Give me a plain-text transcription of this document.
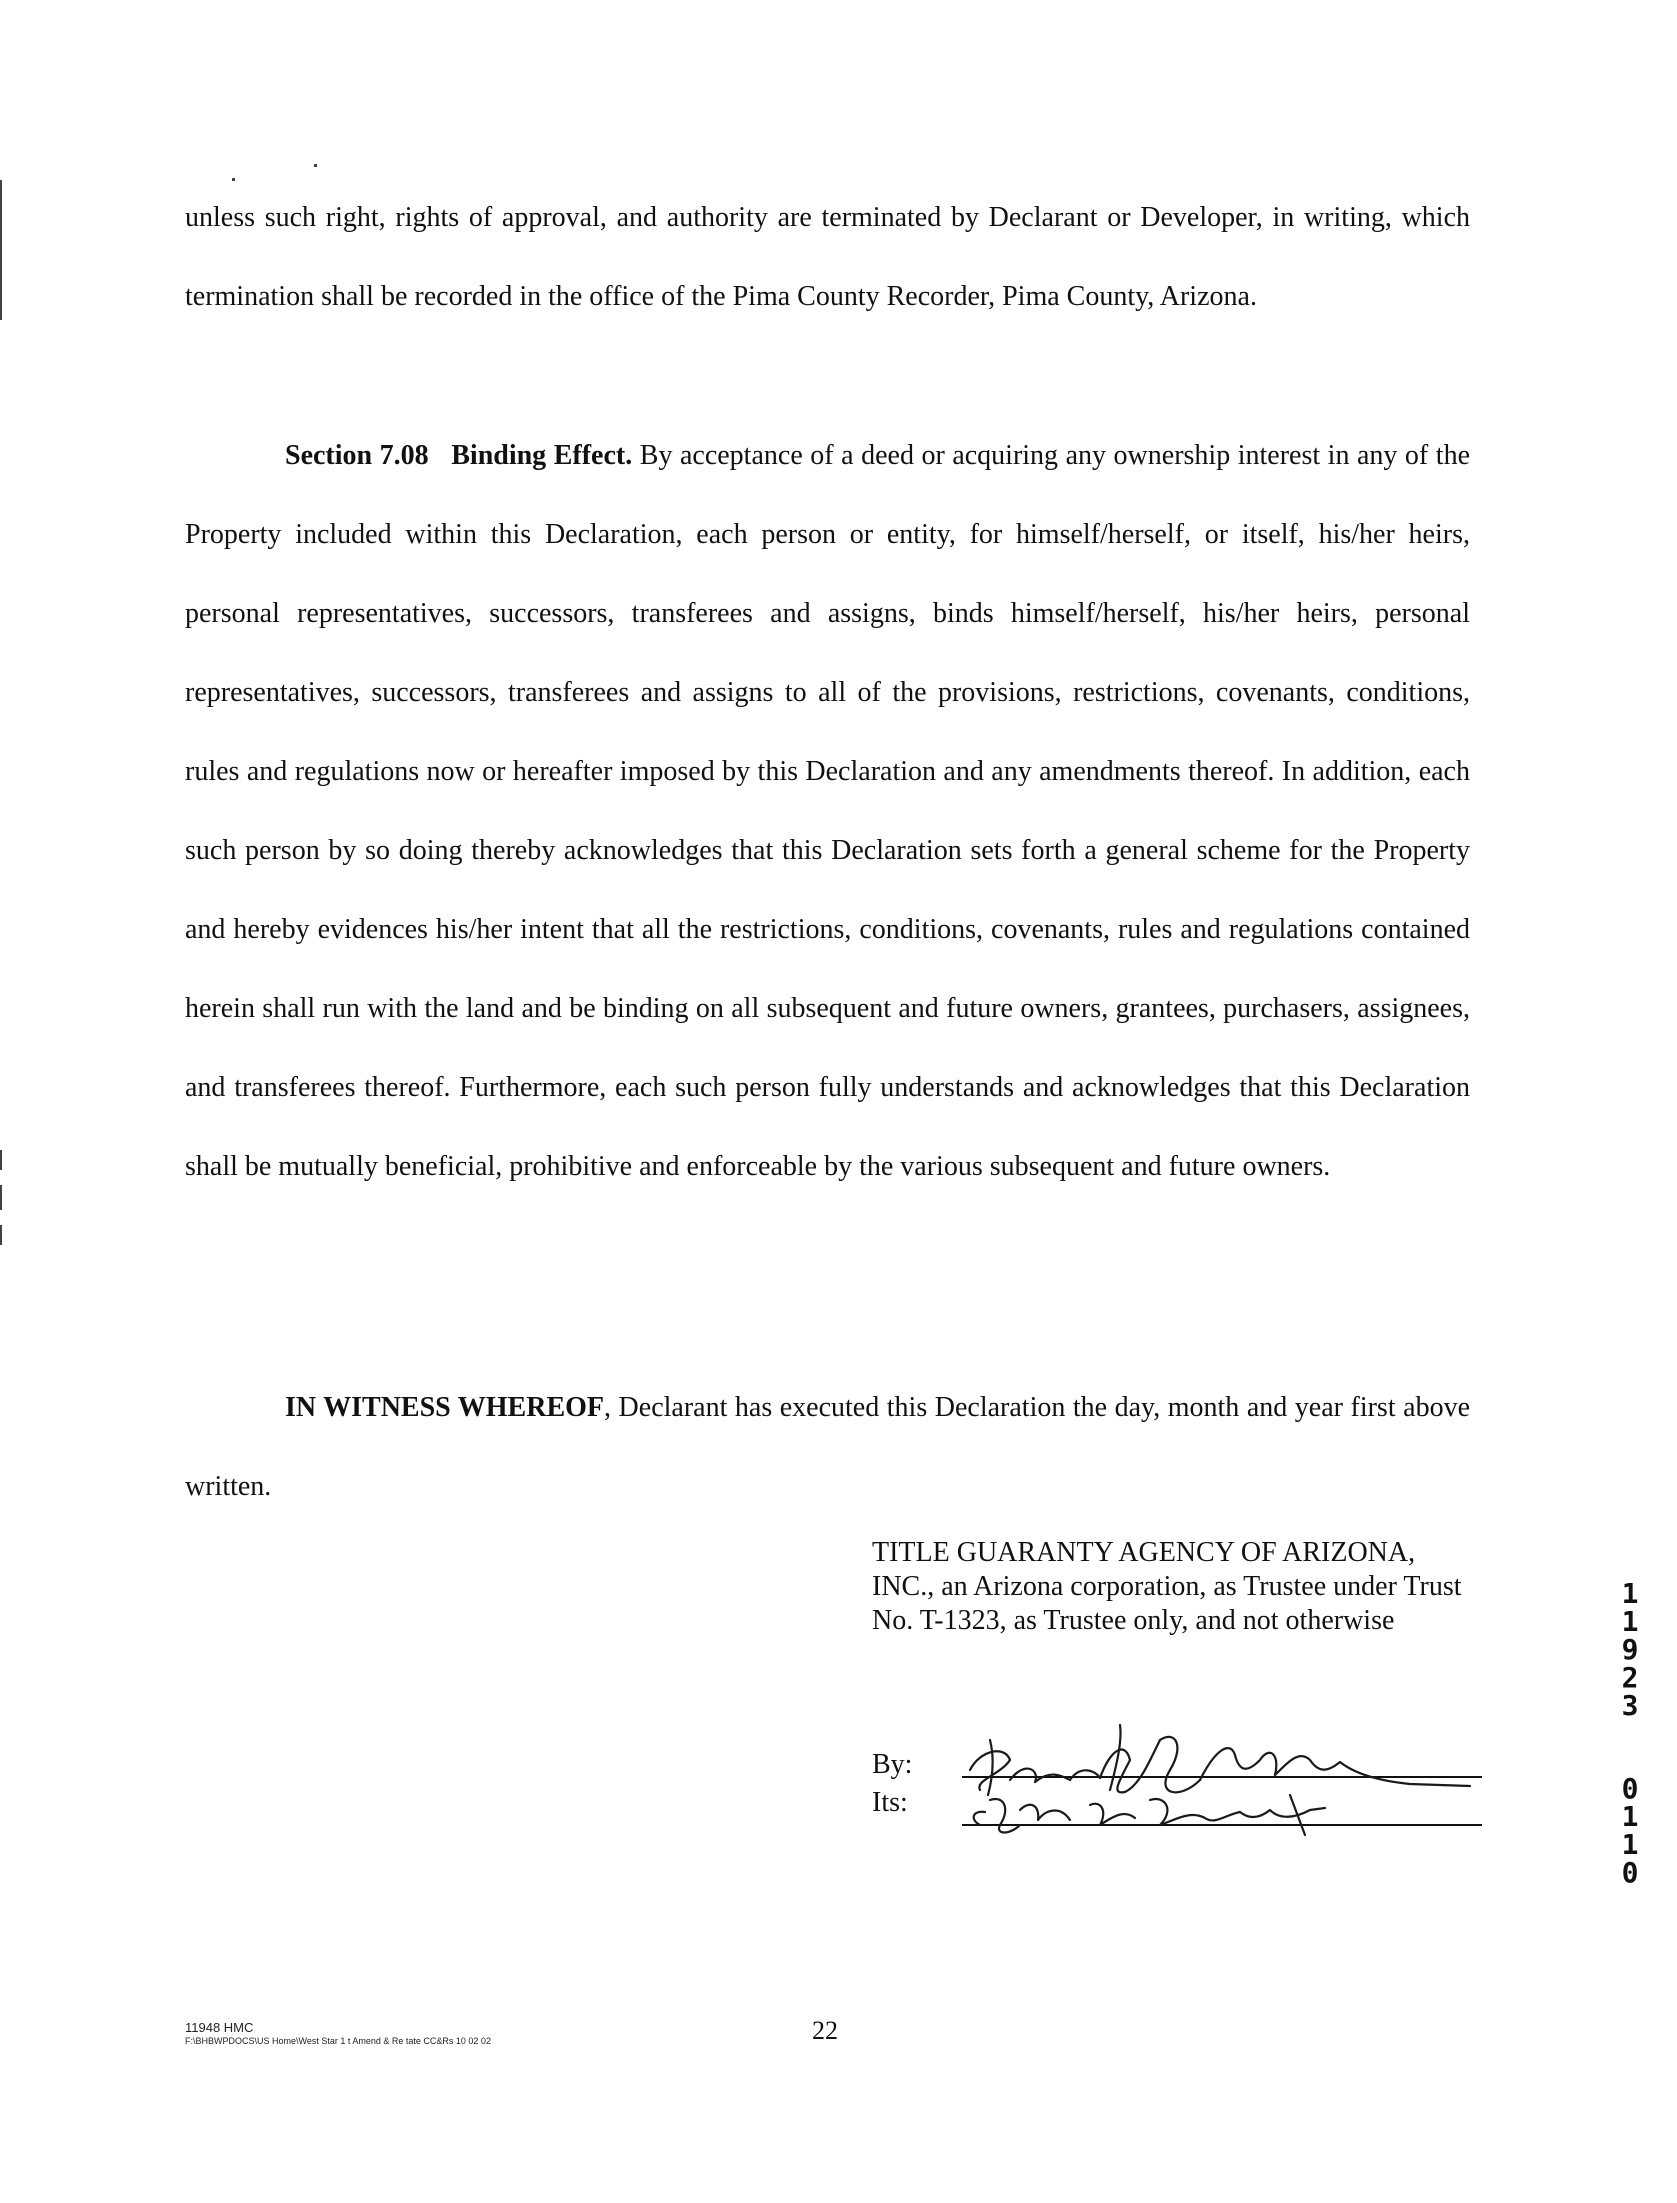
unless such right, rights of approval, and authority are terminated by Declarant or Developer, in writing, which termination shall be recorded in the office of the Pima County Recorder, Pima County, Arizona.

Section 7.08 Binding Effect. By acceptance of a deed or acquiring any ownership interest in any of the Property included within this Declaration, each person or entity, for himself/herself, or itself, his/her heirs, personal representatives, successors, transferees and assigns, binds himself/herself, his/her heirs, personal representatives, successors, transferees and assigns to all of the provisions, restrictions, covenants, conditions, rules and regulations now or hereafter imposed by this Declaration and any amendments thereof. In addition, each such person by so doing thereby acknowledges that this Declaration sets forth a general scheme for the Property and hereby evidences his/her intent that all the restrictions, conditions, covenants, rules and regulations contained herein shall run with the land and be binding on all subsequent and future owners, grantees, purchasers, assignees, and transferees thereof. Furthermore, each such person fully understands and acknowledges that this Declaration shall be mutually beneficial, prohibitive and enforceable by the various subsequent and future owners.

IN WITNESS WHEREOF, Declarant has executed this Declaration the day, month and year first above written.

TITLE GUARANTY AGENCY OF ARIZONA, INC., an Arizona corporation, as Trustee under Trust No. T-1323, as Trustee only, and not otherwise

By:
Its:
11948 HMC
F:\BHBWPDOCS\US Home\West Star 1 t Amend & Re tate CC&Rs 10 02 02	22
1
1
9
2
3
0
1
1
0
